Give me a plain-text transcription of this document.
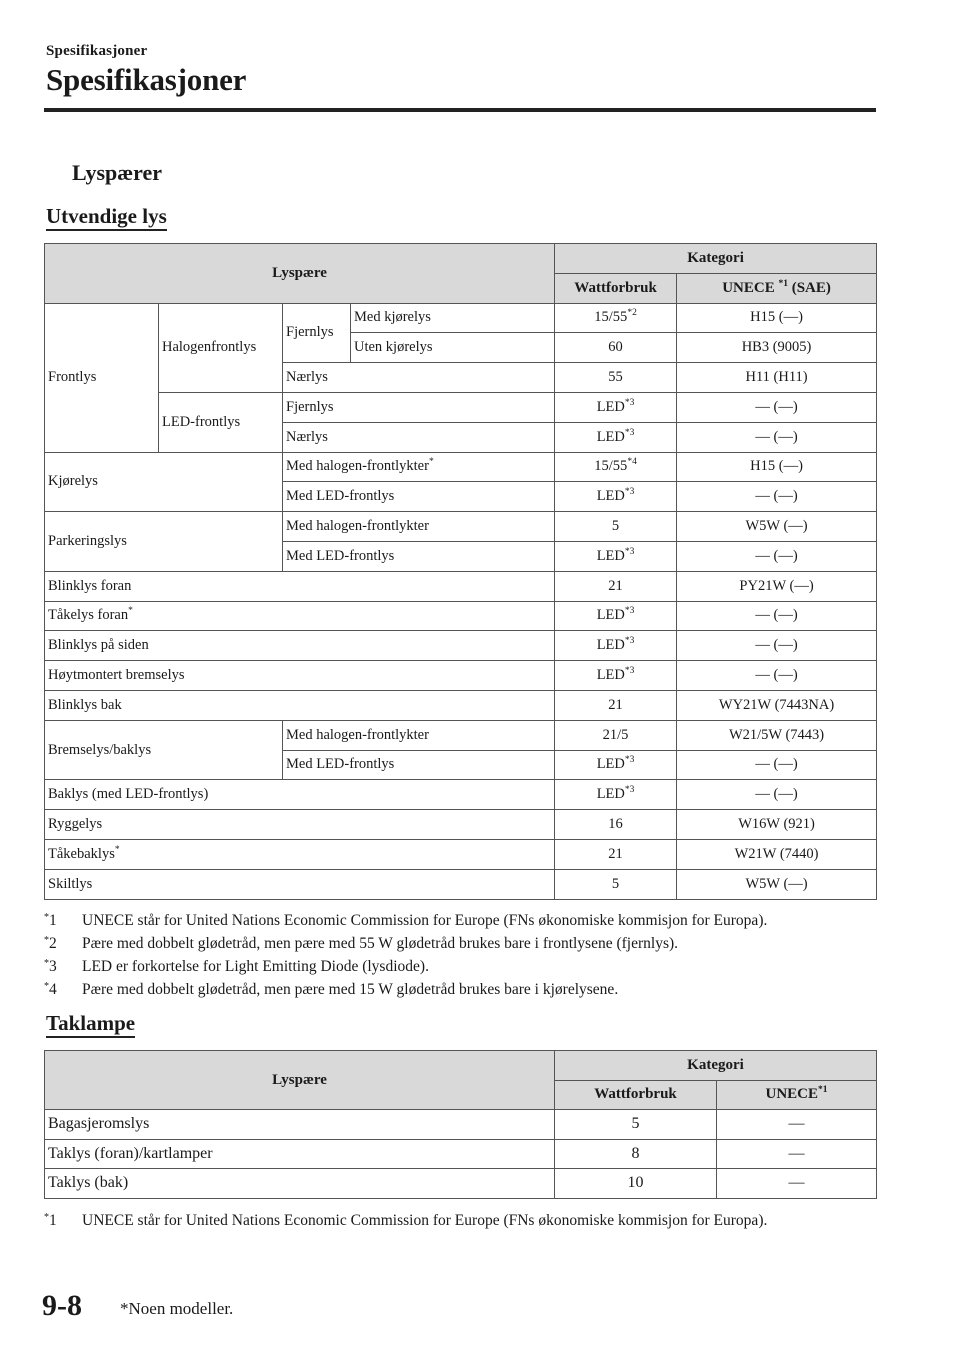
Spesifikasjoner
Spesifikasjoner
Lyspærer
Utvendige lys
Lyspære				Kategori	
				Wattforbruk	UNECE $^{*1}$ (SAE)
Frontlys	Halogenfrontlys	Fjernlys	Med kjørelys	15/55$^{*2}$	H15 (―)
			Uten kjørelys	60	HB3 (9005)
		Nærlys		55	H11 (H11)
	LED-frontlys	Fjernlys		LED$^{*3}$	― (―)
		Nærlys		LED$^{*3}$	― (―)
Kjørelys		Med halogen-frontlykter*		15/55$^{*4}$	H15 (―)
		Med LED-frontlys		LED$^{*3}$	― (―)
Parkeringslys		Med halogen-frontlykter		5	W5W (―)
		Med LED-frontlys		LED$^{*3}$	― (―)
Blinklys foran				21	PY21W (―)
Tåkelys foran*				LED$^{*3}$	― (―)
Blinklys på siden				LED$^{*3}$	― (―)
Høytmontert bremselys				LED$^{*3}$	― (―)
Blinklys bak				21	WY21W (7443NA)
Bremselys/baklys		Med halogen-frontlykter		21/5	W21/5W (7443)
		Med LED-frontlys		LED$^{*3}$	― (―)
Baklys (med LED-frontlys)				LED$^{*3}$	― (―)
Ryggelys				16	W16W (921)
Tåkebaklys*				21	W21W (7440)
Skiltlys				5	W5W (―)
*1 UNECE står for United Nations Economic Commission for Europe (FNs økonomiske kommisjon for Europa).
*2 Pære med dobbelt glødetråd, men pære med 55 W glødetråd brukes bare i frontlysene (fjernlys).
*3 LED er forkortelse for Light Emitting Diode (lysdiode).
*4 Pære med dobbelt glødetråd, men pære med 15 W glødetråd brukes bare i kjørelysene.
Taklampe
Lyspære	Kategori	
	Wattforbruk	UNECE$^{*1}$
Bagasjeromslys	5	―
Taklys (foran)/kartlamper	8	―
Taklys (bak)	10	―
*1 UNECE står for United Nations Economic Commission for Europe (FNs økonomiske kommisjon for Europa).
9-8 *Noen modeller.
